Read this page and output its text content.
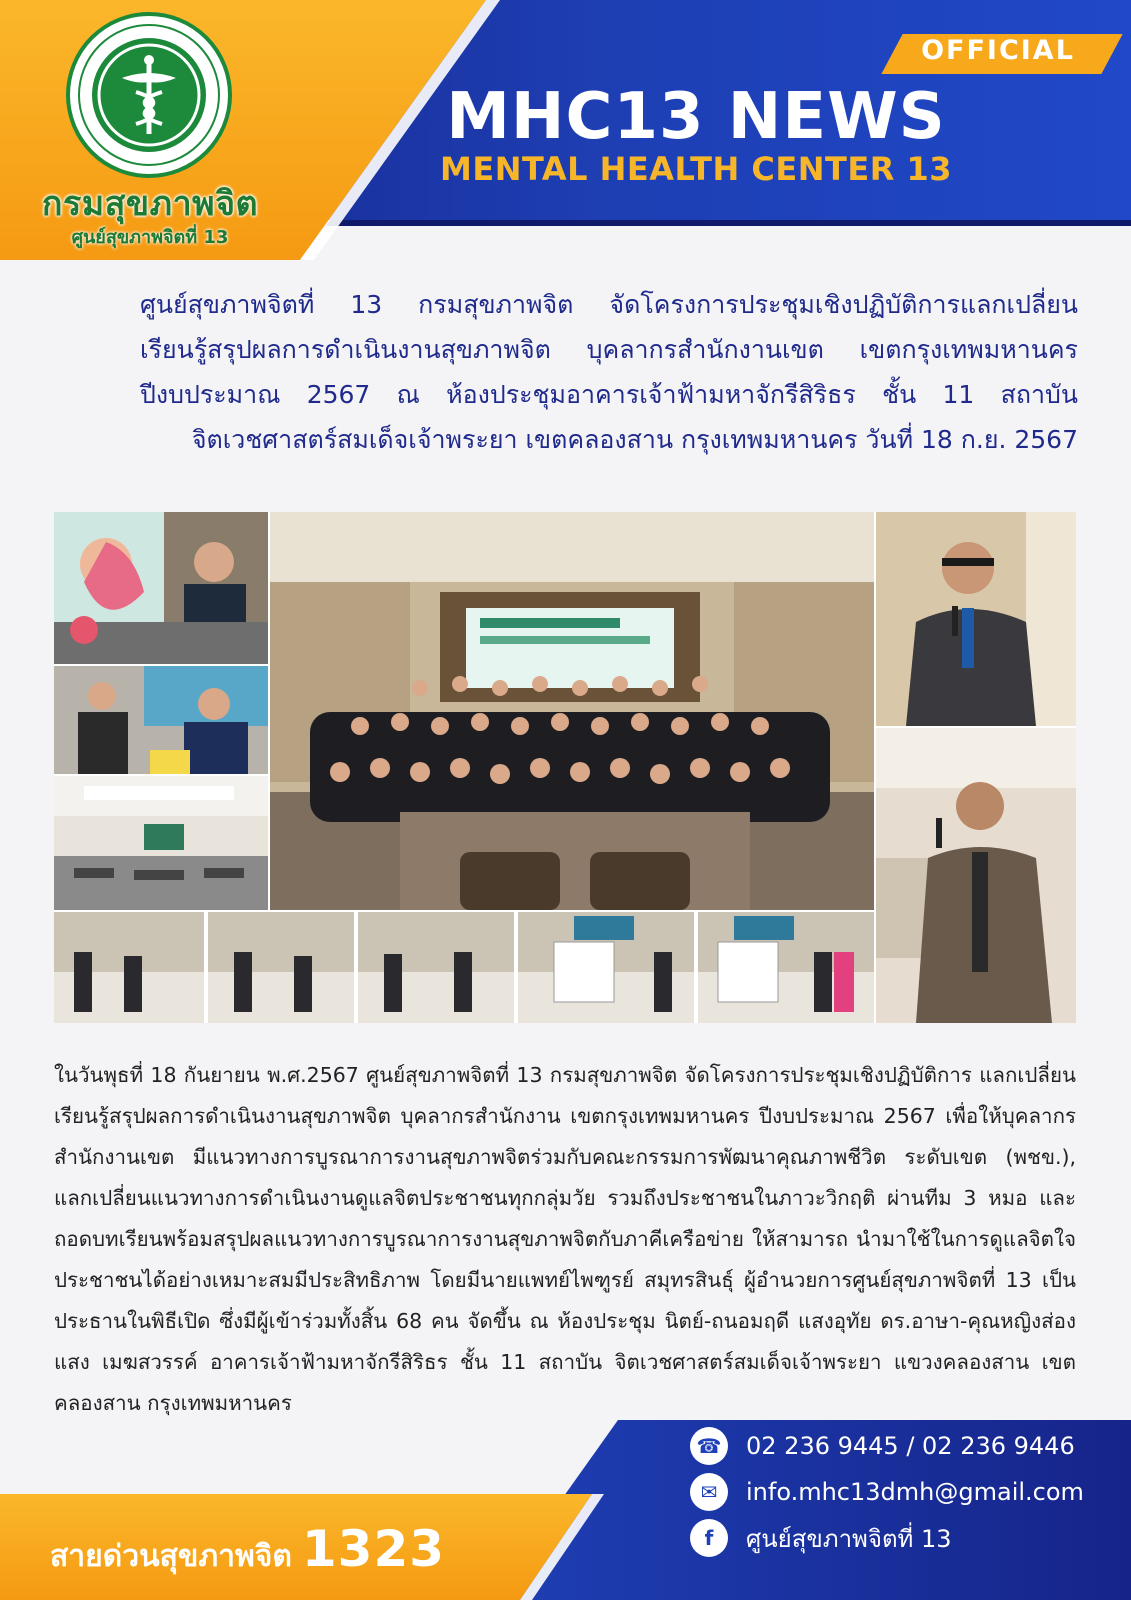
กรมสุขภาพจิต
ศูนย์สุขภาพจิตที่ 13
OFFICIAL
MHC13 NEWS
MENTAL HEALTH CENTER 13
ศูนย์สุขภาพจิตที่ 13 กรมสุขภาพจิต จัดโครงการประชุมเชิงปฏิบัติการแลกเปลี่ยน
เรียนรู้สรุปผลการดำเนินงานสุขภาพจิต บุคลากรสำนักงานเขต เขตกรุงเทพมหานคร
ปีงบประมาณ 2567 ณ ห้องประชุมอาคารเจ้าฟ้ามหาจักรีสิริธร ชั้น 11 สถาบัน
จิตเวชศาสตร์สมเด็จเจ้าพระยา เขตคลองสาน กรุงเทพมหานคร วันที่ 18 ก.ย. 2567
ในวันพุธที่ 18 กันยายน พ.ศ.2567 ศูนย์สุขภาพจิตที่ 13 กรมสุขภาพจิต จัดโครงการประชุมเชิงปฏิบัติการ แลกเปลี่ยนเรียนรู้สรุปผลการดำเนินงานสุขภาพจิต บุคลากรสำนักงาน เขตกรุงเทพมหานคร ปีงบประมาณ 2567 เพื่อให้บุคลากรสำนักงานเขต มีแนวทางการบูรณาการงานสุขภาพจิตร่วมกับคณะกรรมการพัฒนาคุณภาพชีวิต ระดับเขต (พชข.), แลกเปลี่ยนแนวทางการดำเนินงานดูแลจิตประชาชนทุกกลุ่มวัย รวมถึงประชาชนในภาวะวิกฤติ ผ่านทีม 3 หมอ และถอดบทเรียนพร้อมสรุปผลแนวทางการบูรณาการงานสุขภาพจิตกับภาคีเครือข่าย ให้สามารถ นำมาใช้ในการดูแลจิตใจประชาชนได้อย่างเหมาะสมมีประสิทธิภาพ โดยมีนายแพทย์ไพฑูรย์ สมุทรสินธุ์ ผู้อำนวยการศูนย์สุขภาพจิตที่ 13 เป็นประธานในพิธีเปิด ซึ่งมีผู้เข้าร่วมทั้งสิ้น 68 คน จัดขึ้น ณ ห้องประชุม นิตย์-ถนอมฤดี แสงอุทัย ดร.อาษา-คุณหญิงส่องแสง เมฆสวรรค์ อาคารเจ้าฟ้ามหาจักรีสิริธร ชั้น 11 สถาบัน จิตเวชศาสตร์สมเด็จเจ้าพระยา แขวงคลองสาน เขตคลองสาน กรุงเทพมหานคร
สายด่วนสุขภาพจิต 1323
☎ 02 236 9445 / 02 236 9446
✉	info.mhc13dmh@gmail.com
f	ศูนย์สุขภาพจิตที่ 13
